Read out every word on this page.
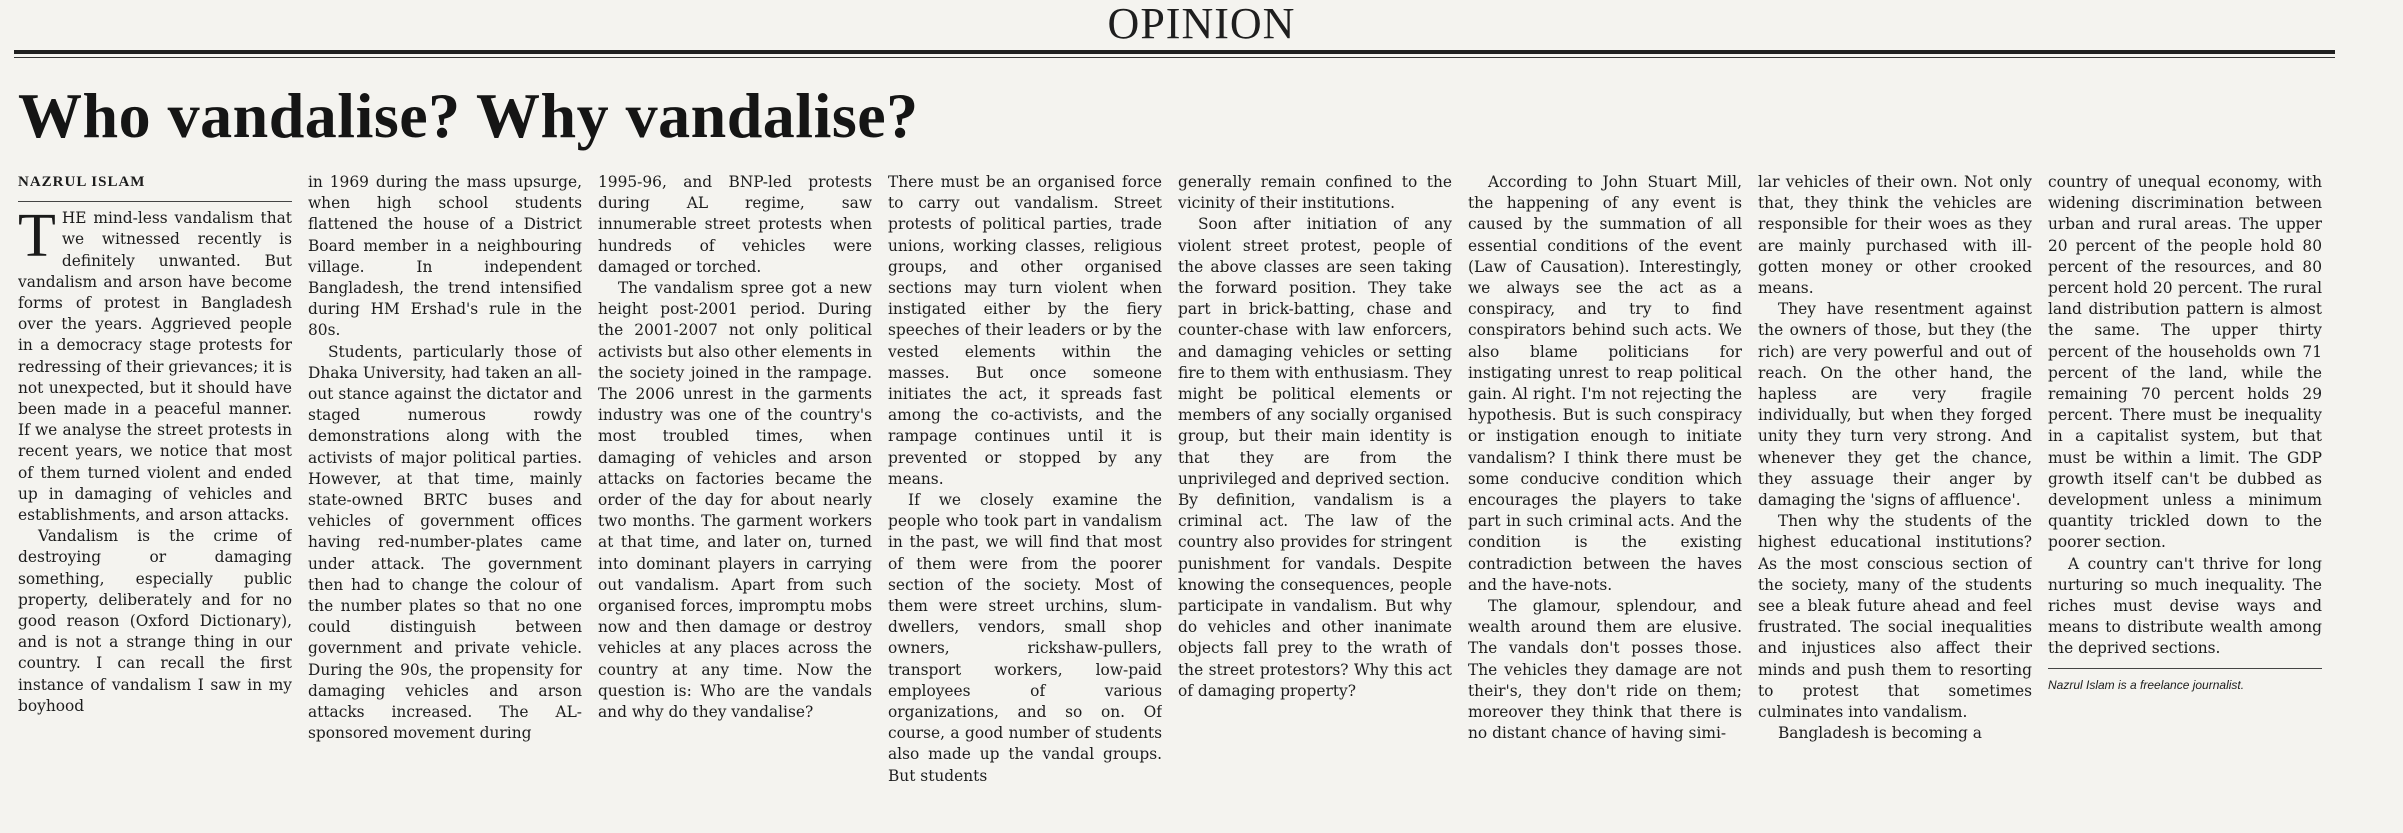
OPINION
Who vandalise? Why vandalise?
NAZRUL ISLAM
T HE mind-less vandalism that we witnessed recently is definitely unwanted. But vandalism and arson have become forms of protest in Bangladesh over the years. Aggrieved people in a democracy stage protests for redressing of their grievances; it is not unexpected, but it should have been made in a peaceful manner. If we analyse the street protests in recent years, we notice that most of them turned violent and ended up in damaging of vehicles and establishments, and arson attacks.

Vandalism is the crime of destroying or damaging something, especially public property, deliberately and for no good reason (Oxford Dictionary), and is not a strange thing in our country. I can recall the first instance of vandalism I saw in my boyhood

in 1969 during the mass upsurge, when high school students flattened the house of a District Board member in a neighbouring village. In independent Bangladesh, the trend intensified during HM Ershad's rule in the 80s.

Students, particularly those of Dhaka University, had taken an all-out stance against the dictator and staged numerous rowdy demonstrations along with the activists of major political parties. However, at that time, mainly state-owned BRTC buses and vehicles of government offices having red-number-plates came under attack. The government then had to change the colour of the number plates so that no one could distinguish between government and private vehicle. During the 90s, the propensity for damaging vehicles and arson attacks increased. The AL-sponsored movement during

1995-96, and BNP-led protests during AL regime, saw innumerable street protests when hundreds of vehicles were damaged or torched.

The vandalism spree got a new height post-2001 period. During the 2001-2007 not only political activists but also other elements in the society joined in the rampage. The 2006 unrest in the garments industry was one of the country's most troubled times, when damaging of vehicles and arson attacks on factories became the order of the day for about nearly two months. The garment workers at that time, and later on, turned into dominant players in carrying out vandalism. Apart from such organised forces, impromptu mobs now and then damage or destroy vehicles at any places across the country at any time. Now the question is: Who are the vandals and why do they vandalise?

There must be an organised force to carry out vandalism. Street protests of political parties, trade unions, working classes, religious groups, and other organised sections may turn violent when instigated either by the fiery speeches of their leaders or by the vested elements within the masses. But once someone initiates the act, it spreads fast among the co-activists, and the rampage continues until it is prevented or stopped by any means.

If we closely examine the people who took part in vandalism in the past, we will find that most of them were from the poorer section of the society. Most of them were street urchins, slum-dwellers, vendors, small shop owners, rickshaw-pullers, transport workers, low-paid employees of various organizations, and so on. Of course, a good number of students also made up the vandal groups. But students

generally remain confined to the vicinity of their institutions.

Soon after initiation of any violent street protest, people of the above classes are seen taking the forward position. They take part in brick-batting, chase and counter-chase with law enforcers, and damaging vehicles or setting fire to them with enthusiasm. They might be political elements or members of any socially organised group, but their main identity is that they are from the unprivileged and deprived section.

By definition, vandalism is a criminal act. The law of the country also provides for stringent punishment for vandals. Despite knowing the consequences, people participate in vandalism. But why do vehicles and other inanimate objects fall prey to the wrath of the street protestors? Why this act of damaging property?

According to John Stuart Mill, the happening of any event is caused by the summation of all essential conditions of the event (Law of Causation). Interestingly, we always see the act as a conspiracy, and try to find conspirators behind such acts. We also blame politicians for instigating unrest to reap political gain. Al right. I'm not rejecting the hypothesis. But is such conspiracy or instigation enough to initiate vandalism? I think there must be some conducive condition which encourages the players to take part in such criminal acts. And the condition is the existing contradiction between the haves and the have-nots.

The glamour, splendour, and wealth around them are elusive. The vandals don't posses those. The vehicles they damage are not their's, they don't ride on them; moreover they think that there is no distant chance of having simi-

lar vehicles of their own. Not only that, they think the vehicles are responsible for their woes as they are mainly purchased with ill-gotten money or other crooked means.

They have resentment against the owners of those, but they (the rich) are very powerful and out of reach. On the other hand, the hapless are very fragile individually, but when they forged unity they turn very strong. And whenever they get the chance, they assuage their anger by damaging the 'signs of affluence'.

Then why the students of the highest educational institutions? As the most conscious section of the society, many of the students see a bleak future ahead and feel frustrated. The social inequalities and injustices also affect their minds and push them to resorting to protest that sometimes culminates into vandalism.

Bangladesh is becoming a

country of unequal economy, with widening discrimination between urban and rural areas. The upper 20 percent of the people hold 80 percent of the resources, and 80 percent hold 20 percent. The rural land distribution pattern is almost the same. The upper thirty percent of the households own 71 percent of the land, while the remaining 70 percent holds 29 percent. There must be inequality in a capitalist system, but that must be within a limit. The GDP growth itself can't be dubbed as development unless a minimum quantity trickled down to the poorer section.

A country can't thrive for long nurturing so much inequality. The riches must devise ways and means to distribute wealth among the deprived sections.

Nazrul Islam is a freelance journalist.
